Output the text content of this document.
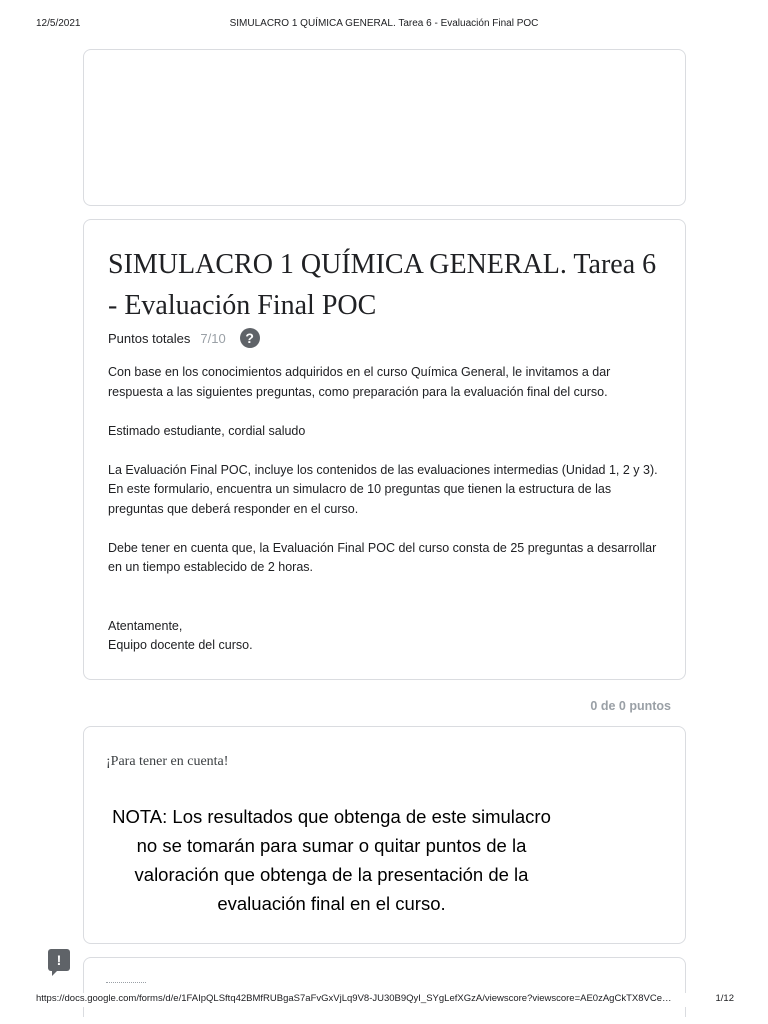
12/5/2021	SIMULACRO 1 QUÍMICA GENERAL. Tarea 6 - Evaluación Final POC
SIMULACRO 1 QUÍMICA GENERAL. Tarea 6 - Evaluación Final POC
Puntos totales 7/10	?

Con base en los conocimientos adquiridos en el curso Química General, le invitamos a dar respuesta a las siguientes preguntas, como preparación para la evaluación final del curso.

Estimado estudiante, cordial saludo

La Evaluación Final POC, incluye los contenidos de las evaluaciones intermedias (Unidad 1, 2 y 3). En este formulario, encuentra un simulacro de 10 preguntas que tienen la estructura de las preguntas que deberá responder en el curso.

Debe tener en cuenta que, la Evaluación Final POC del curso consta de 25 preguntas a desarrollar en un tiempo establecido de 2 horas.

Atentamente,

Equipo docente del curso.

0 de 0 puntos
¡Para tener en cuenta!
NOTA: Los resultados que obtenga de este simulacro no se tomarán para sumar o quitar puntos de la valoración que obtenga de la presentación de la evaluación final en el curso.
!
https://docs.google.com/forms/d/e/1FAIpQLSftq42BMfRUBgaS7aFvGxVjLq9V8-JU30B9QyI_SYgLefXGzA/viewscore?viewscore=AE0zAgCkTX8VCe…	1/12
